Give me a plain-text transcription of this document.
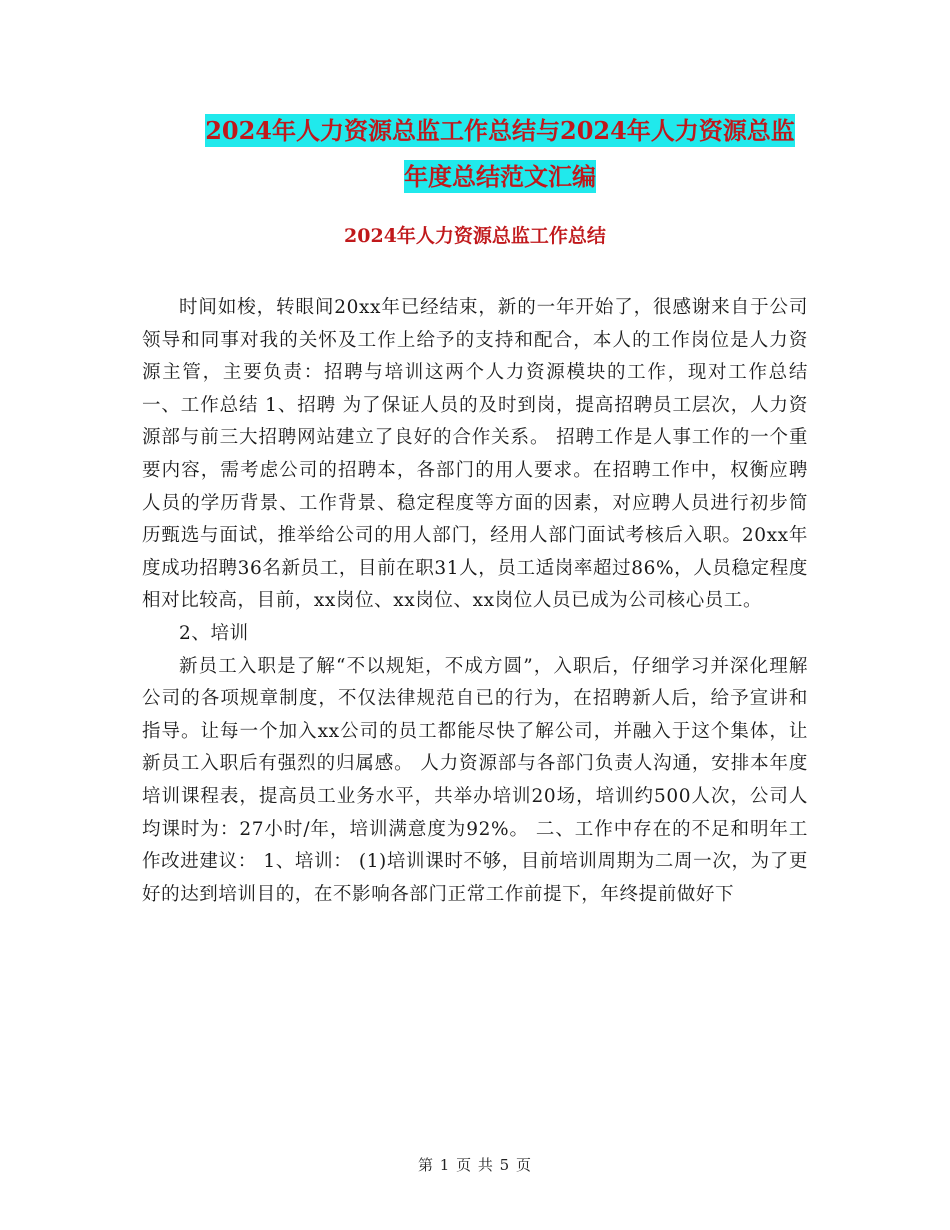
2024年人力资源总监工作总结与2024年人力资源总监
年度总结范文汇编
2024年人力资源总监工作总结

时间如梭，转眼间20xx年已经结束，新的一年开始了，很感谢来自于公司领导和同事对我的关怀及工作上给予的支持和配合，本人的工作岗位是人力资源主管，主要负责：招聘与培训这两个人力资源模块的工作，现对工作总结 一、工作总结 1、招聘 为了保证人员的及时到岗，提高招聘员工层次，人力资源部与前三大招聘网站建立了良好的合作关系。 招聘工作是人事工作的一个重要内容，需考虑公司的招聘本，各部门的用人要求。在招聘工作中，权衡应聘人员的学历背景、工作背景、稳定程度等方面的因素，对应聘人员进行初步简历甄选与面试，推举给公司的用人部门，经用人部门面试考核后入职。20xx年度成功招聘36名新员工，目前在职31人，员工适岗率超过86%，人员稳定程度相对比较高，目前，xx岗位、xx岗位、xx岗位人员已成为公司核心员工。

2、培训

新员工入职是了解“不以规矩，不成方圆”，入职后，仔细学习并深化理解公司的各项规章制度，不仅法律规范自已的行为，在招聘新人后，给予宣讲和指导。让每一个加入xx公司的员工都能尽快了解公司，并融入于这个集体，让新员工入职后有强烈的归属感。 人力资源部与各部门负责人沟通，安排本年度培训课程表，提高员工业务水平，共举办培训20场，培训约500人次，公司人均课时为：27小时/年，培训满意度为92%。 二、工作中存在的不足和明年工作改进建议： 1、培训： (1)培训课时不够，目前培训周期为二周一次，为了更好的达到培训目的，在不影响各部门正常工作前提下，年终提前做好下

第 1 页 共 5 页
